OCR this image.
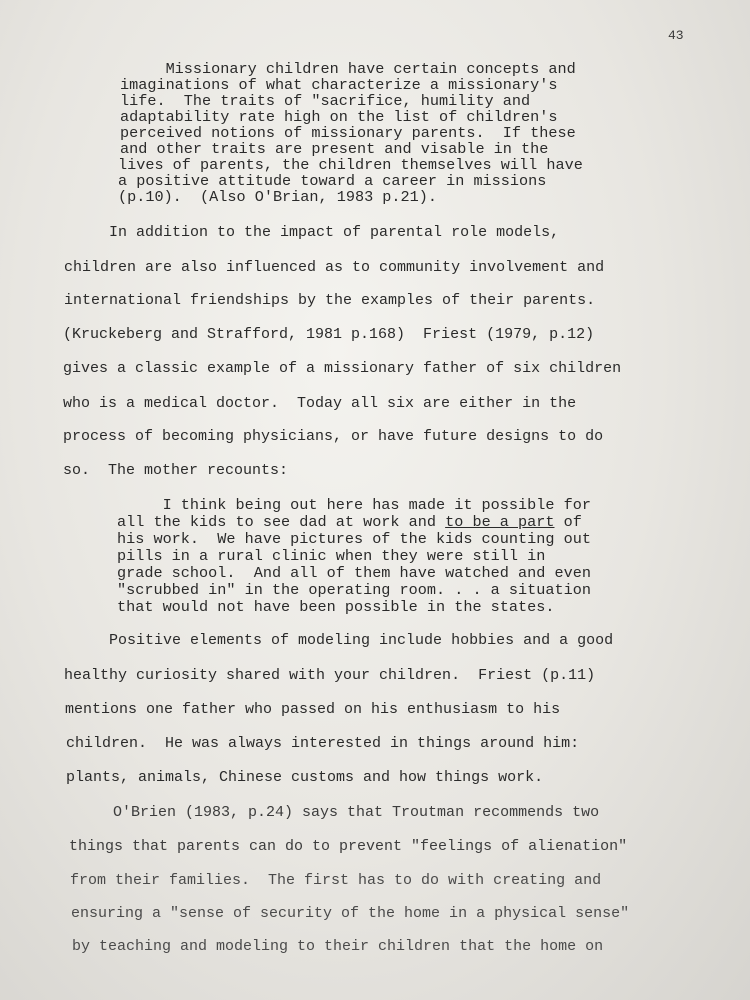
43
Missionary children have certain concepts and
imaginations of what characterize a missionary's
life.  The traits of "sacrifice, humility and
adaptability rate high on the list of children's
perceived notions of missionary parents.  If these
and other traits are present and visable in the
lives of parents, the children themselves will have
a positive attitude toward a career in missions
(p.10).  (Also O'Brian, 1983 p.21).
In addition to the impact of parental role models,
children are also influenced as to community involvement and
international friendships by the examples of their parents.
(Kruckeberg and Strafford, 1981 p.168)  Friest (1979, p.12)
gives a classic example of a missionary father of six children
who is a medical doctor.  Today all six are either in the
process of becoming physicians, or have future designs to do
so.  The mother recounts:
I think being out here has made it possible for
all the kids to see dad at work and to be a part of
his work.  We have pictures of the kids counting out
pills in a rural clinic when they were still in
grade school.  And all of them have watched and even
"scrubbed in" in the operating room. . . a situation
that would not have been possible in the states.
Positive elements of modeling include hobbies and a good
healthy curiosity shared with your children.  Friest (p.11)
mentions one father who passed on his enthusiasm to his
children.  He was always interested in things around him:
plants, animals, Chinese customs and how things work.
O'Brien (1983, p.24) says that Troutman recommends two
things that parents can do to prevent "feelings of alienation"
from their families.  The first has to do with creating and
ensuring a "sense of security of the home in a physical sense"
by teaching and modeling to their children that the home on
